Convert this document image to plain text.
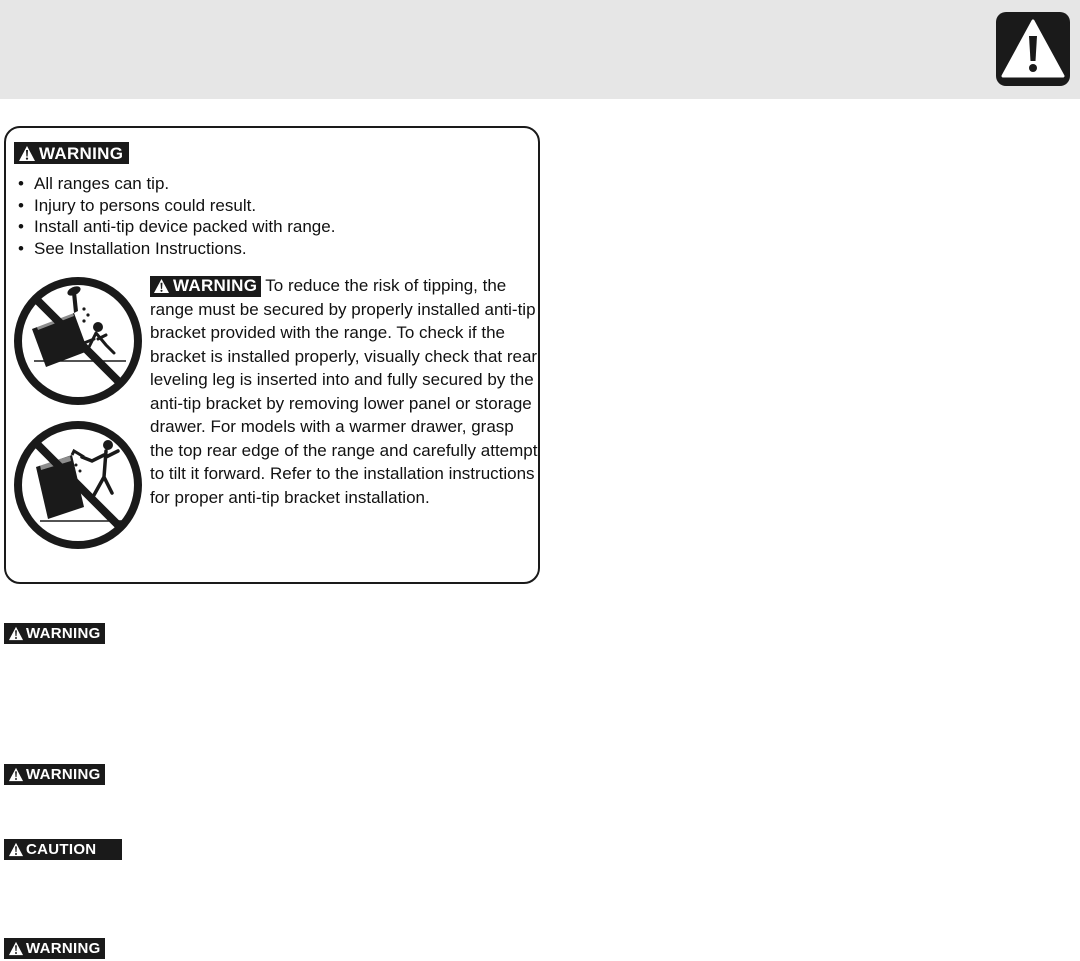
WARNING
• All ranges can tip.
• Injury to persons could result.
• Install anti-tip device packed with range.
• See Installation Instructions.

WARNING To reduce the risk of tipping, the range must be secured by properly installed anti-tip bracket provided with the range. To check if the bracket is installed properly, visually check that rear leveling leg is inserted into and fully secured by the anti-tip bracket by removing lower panel or storage drawer. For models with a warmer drawer, grasp the top rear edge of the range and carefully attempt to tilt it forward. Refer to the installation instructions for proper anti-tip bracket installation.

WARNING
WARNING
CAUTION
WARNING
